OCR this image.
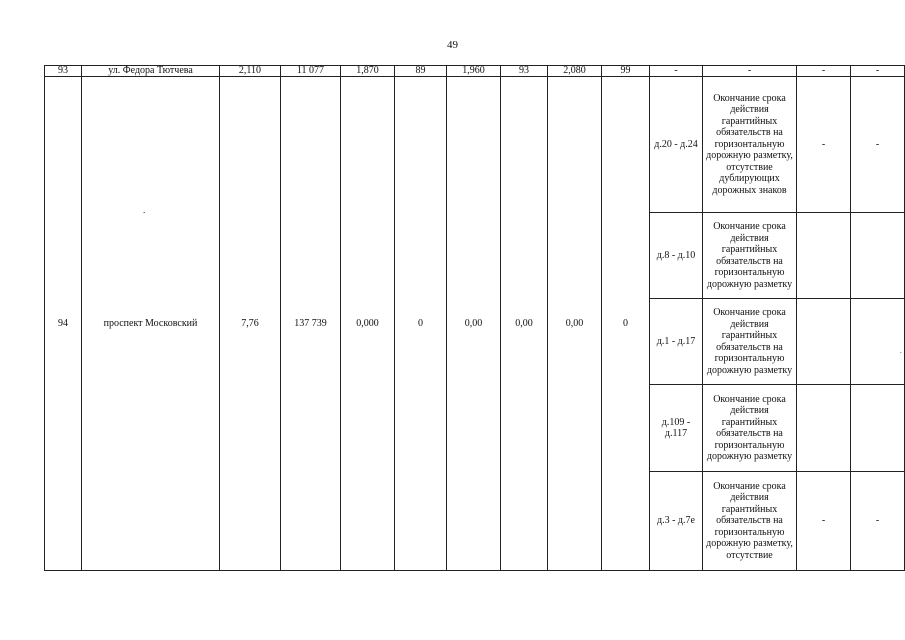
49
93	ул. Федора Тютчева	2,110	11 077	1,870	89	1,960	93	2,080	99	-	-	-	-
94	проспект Московский	7,76	137 739	0,000	0	0,00	0,00	0,00	0	д.20 - д.24	Окончание срока действия гарантийных обязательств на горизонтальную дорожную разметку, отсутствие дублирующих дорожных знаков	-	-
										д.8 - д.10	Окончание срока действия гарантийных обязательств на горизонтальную дорожную разметку		
										д.1 - д.17	Окончание срока действия гарантийных обязательств на горизонтальную дорожную разметку		
										д.109 - д.117	Окончание срока действия гарантийных обязательств на горизонтальную дорожную разметку		
										д.3 - д.7е	Окончание срока действия гарантийных обязательств на горизонтальную дорожную разметку, отсутствие	-	-
.
.
